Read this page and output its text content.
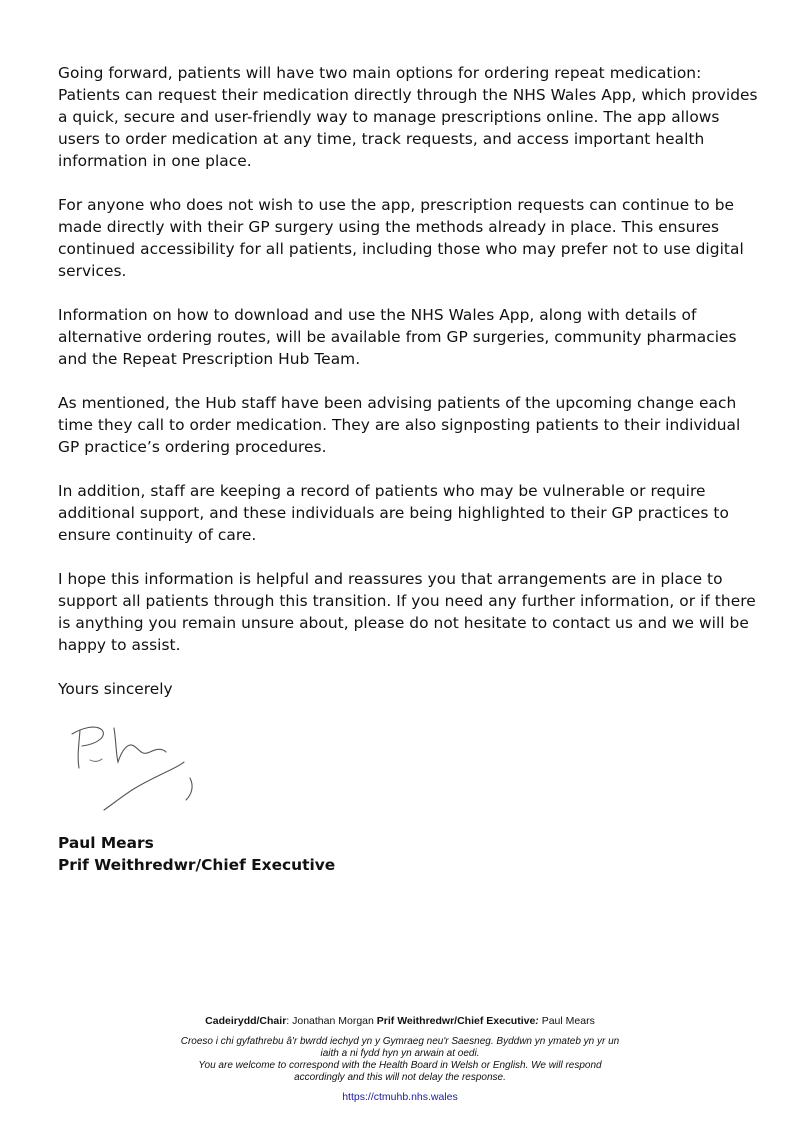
Going forward, patients will have two main options for ordering repeat medication: Patients can request their medication directly through the NHS Wales App, which provides a quick, secure and user-friendly way to manage prescriptions online. The app allows users to order medication at any time, track requests, and access important health information in one place.

For anyone who does not wish to use the app, prescription requests can continue to be made directly with their GP surgery using the methods already in place. This ensures continued accessibility for all patients, including those who may prefer not to use digital services.

Information on how to download and use the NHS Wales App, along with details of alternative ordering routes, will be available from GP surgeries, community pharmacies and the Repeat Prescription Hub Team.

As mentioned, the Hub staff have been advising patients of the upcoming change each time they call to order medication. They are also signposting patients to their individual GP practice’s ordering procedures.

In addition, staff are keeping a record of patients who may be vulnerable or require additional support, and these individuals are being highlighted to their GP practices to ensure continuity of care.

I hope this information is helpful and reassures you that arrangements are in place to support all patients through this transition. If you need any further information, or if there is anything you remain unsure about, please do not hesitate to contact us and we will be happy to assist.

Yours sincerely

Paul Mears
Prif Weithredwr/Chief Executive
Cadeirydd/Chair: Jonathan Morgan Prif Weithredwr/Chief Executive: Paul Mears
Croeso i chi gyfathrebu â'r bwrdd iechyd yn y Gymraeg neu'r Saesneg. Byddwn yn ymateb yn yr un
iaith a ni fydd hyn yn arwain at oedi.
You are welcome to correspond with the Health Board in Welsh or English. We will respond
accordingly and this will not delay the response.
https://ctmuhb.nhs.wales
